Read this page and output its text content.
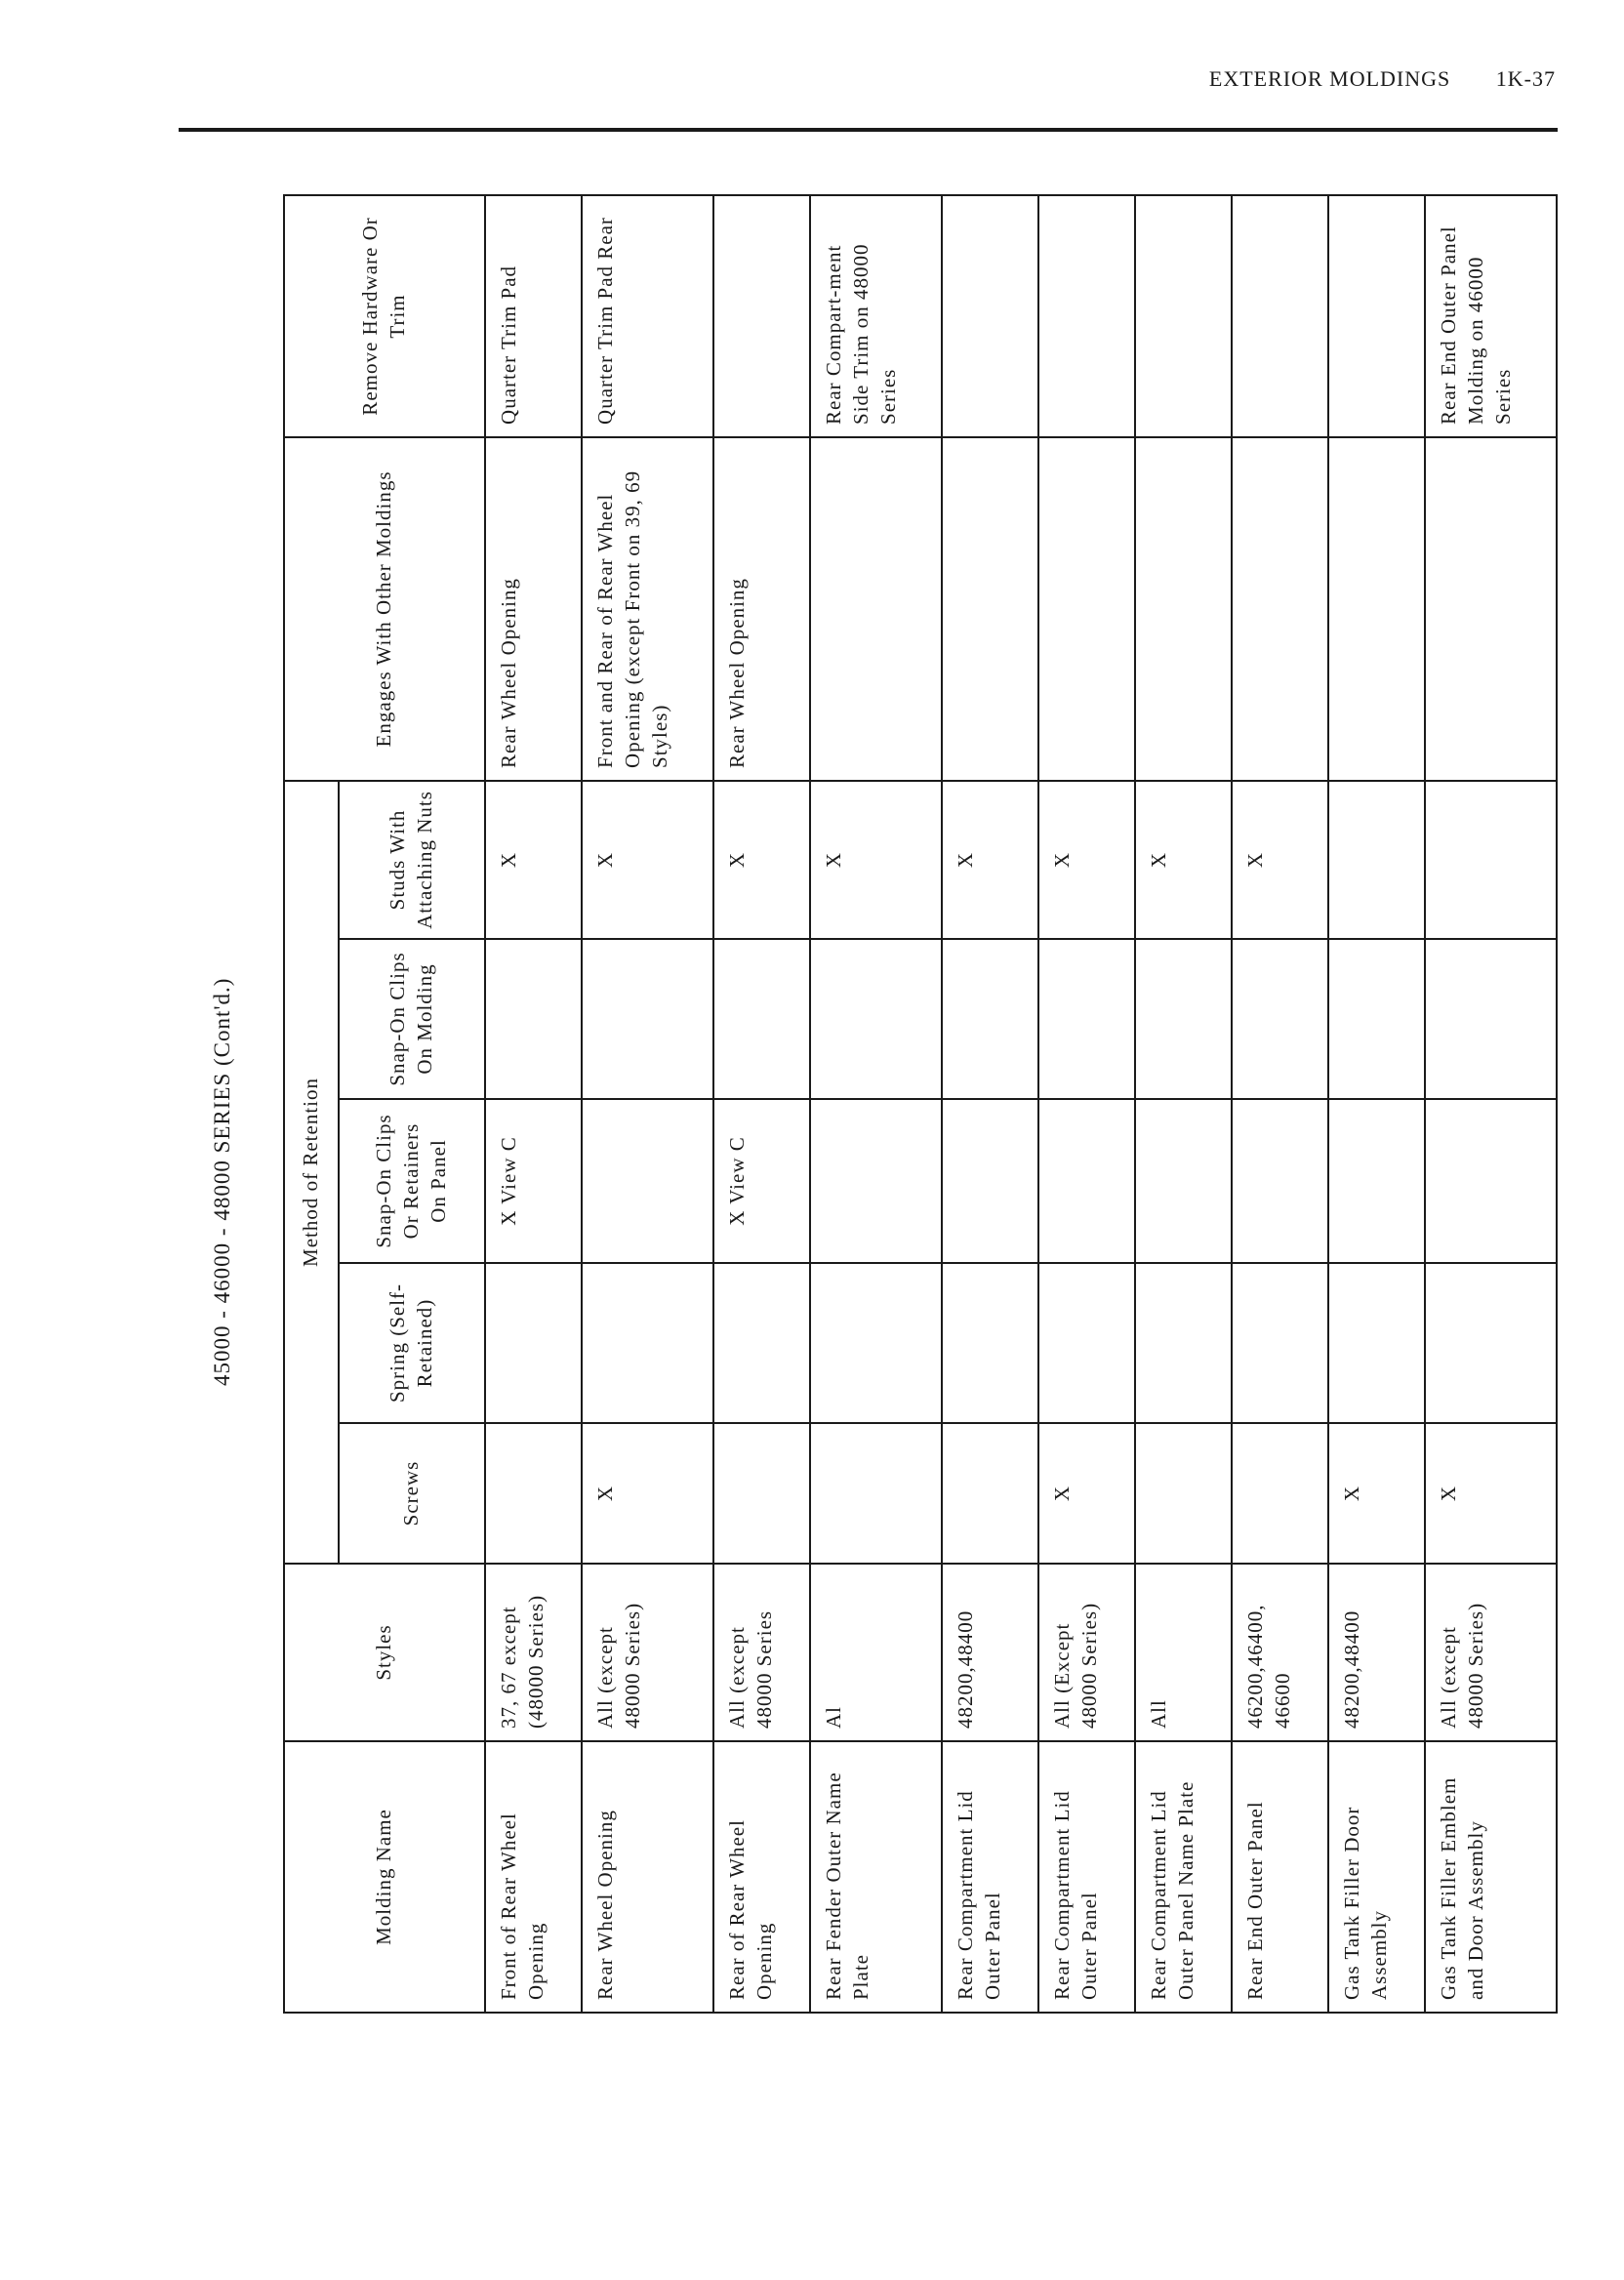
EXTERIOR MOLDINGS 1K-37
45000 - 46000 - 48000 SERIES (Cont'd.)
Molding Name	Styles	Method of Retention					Engages With Other Moldings	Remove Hardware Or Trim
		Screws	Spring (Self-Retained)	Snap-On Clips Or Retainers On Panel	Snap-On Clips On Molding	Studs With Attaching Nuts		
Front of Rear Wheel Opening	37, 67 except (48000 Series)			X View C		X	Rear Wheel Opening	Quarter Trim Pad
Rear Wheel Opening	All (except 48000 Series)	X				X	Front and Rear of Rear Wheel Opening (except Front on 39, 69 Styles)	Quarter Trim Pad Rear
Rear of Rear Wheel Opening	All (except 48000 Series			X View C		X	Rear Wheel Opening	
Rear Fender Outer Name Plate	Al					X		Rear Compart-ment Side Trim on 48000 Series
Rear Compartment Lid Outer Panel	48200,48400					X		
Rear Compartment Lid Outer Panel	All (Except 48000 Series)	X				X		
Rear Compartment Lid Outer Panel Name Plate	All					X		
Rear End Outer Panel	46200,46400, 46600					X		
Gas Tank Filler Door Assembly	48200,48400	X						
Gas Tank Filler Emblem and Door Assembly	All (except 48000 Series)	X						Rear End Outer Panel Molding on 46000 Series
